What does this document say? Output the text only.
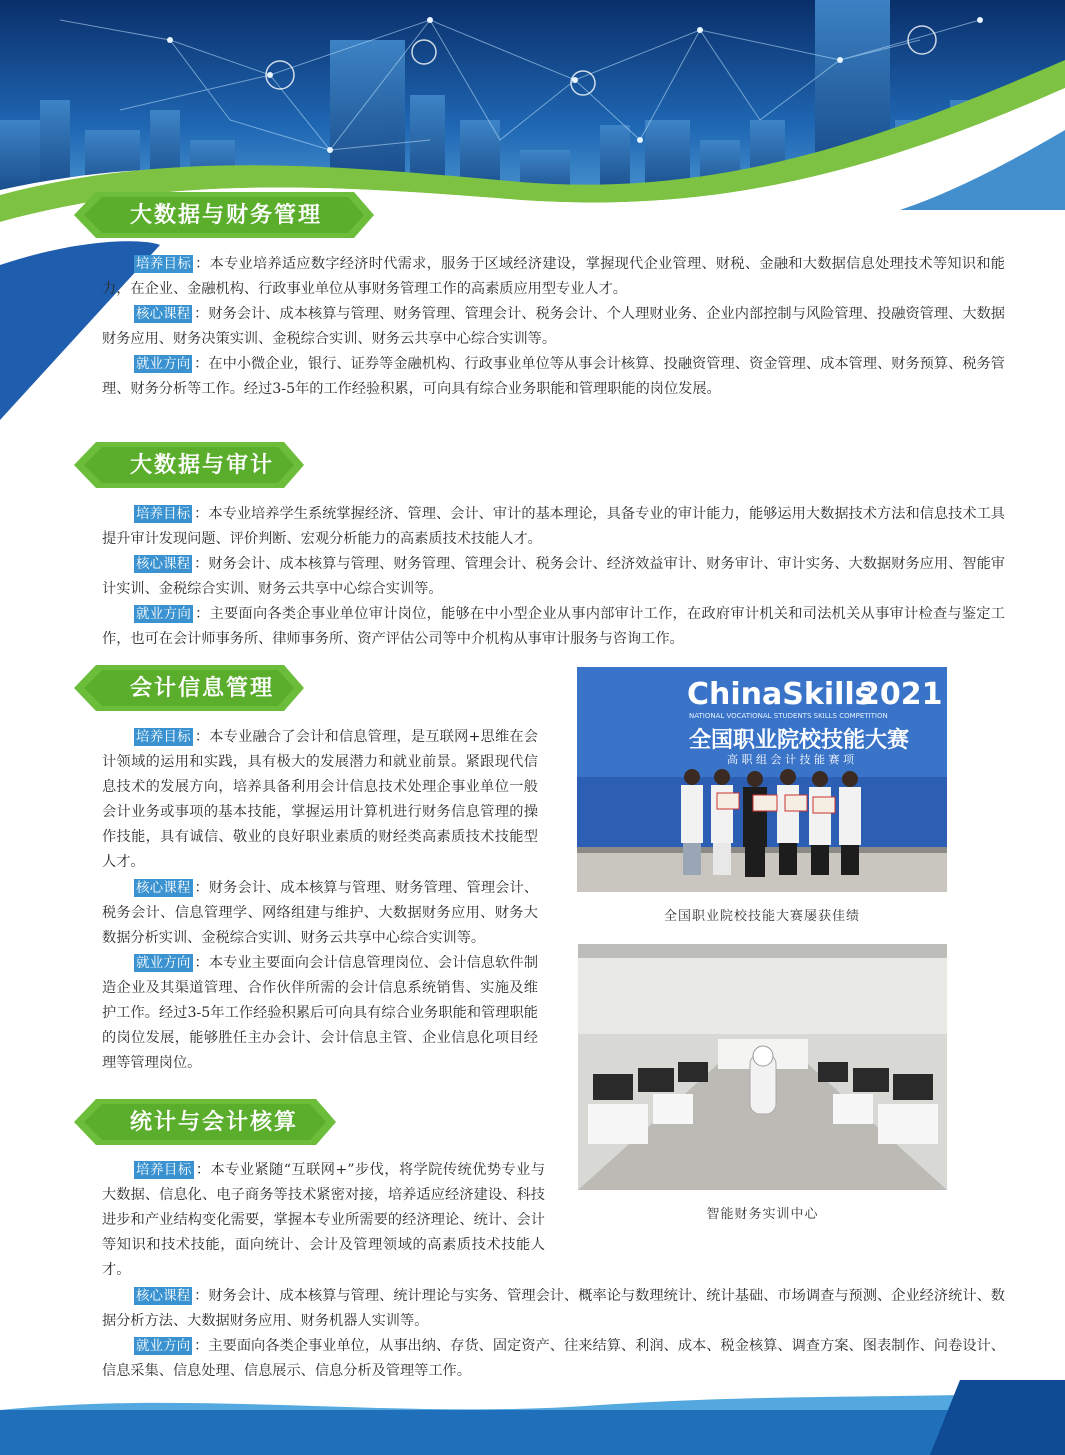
大数据与财务管理
培养目标 ：本专业培养适应数字经济时代需求，服务于区域经济建设，掌握现代企业管理、财税、金融和大数据信息处理技术等知识和能力，在企业、金融机构、行政事业单位从事财务管理工作的高素质应用型专业人才。
核心课程 ：财务会计、成本核算与管理、财务管理、管理会计、税务会计、个人理财业务、企业内部控制与风险管理、投融资管理、大数据财务应用、财务决策实训、金税综合实训、财务云共享中心综合实训等。
就业方向 ：在中小微企业，银行、证券等金融机构、行政事业单位等从事会计核算、投融资管理、资金管理、成本管理、财务预算、税务管理、财务分析等工作。经过3-5年的工作经验积累，可向具有综合业务职能和管理职能的岗位发展。
大数据与审计
培养目标 ：本专业培养学生系统掌握经济、管理、会计、审计的基本理论，具备专业的审计能力，能够运用大数据技术方法和信息技术工具提升审计发现问题、评价判断、宏观分析能力的高素质技术技能人才。
核心课程 ：财务会计、成本核算与管理、财务管理、管理会计、税务会计、经济效益审计、财务审计、审计实务、大数据财务应用、智能审计实训、金税综合实训、财务云共享中心综合实训等。
就业方向 ：主要面向各类企事业单位审计岗位，能够在中小型企业从事内部审计工作，在政府审计机关和司法机关从事审计检查与鉴定工作，也可在会计师事务所、律师事务所、资产评估公司等中介机构从事审计服务与咨询工作。
会计信息管理
培养目标 ：本专业融合了会计和信息管理，是互联网+思维在会计领域的运用和实践，具有极大的发展潜力和就业前景。紧跟现代信息技术的发展方向，培养具备利用会计信息技术处理企事业单位一般会计业务或事项的基本技能，掌握运用计算机进行财务信息管理的操作技能，具有诚信、敬业的良好职业素质的财经类高素质技术技能型人才。
核心课程 ：财务会计、成本核算与管理、财务管理、管理会计、税务会计、信息管理学、网络组建与维护、大数据财务应用、财务大数据分析实训、金税综合实训、财务云共享中心综合实训等。
就业方向 ：本专业主要面向会计信息管理岗位、会计信息软件制造企业及其渠道管理、合作伙伴所需的会计信息系统销售、实施及维护工作。经过3-5年工作经验积累后可向具有综合业务职能和管理职能的岗位发展，能够胜任主办会计、会计信息主管、企业信息化项目经理等管理岗位。
统计与会计核算
培养目标 ：本专业紧随“互联网+”步伐，将学院传统优势专业与大数据、信息化、电子商务等技术紧密对接，培养适应经济建设、科技进步和产业结构变化需要，掌握本专业所需要的经济理论、统计、会计等知识和技术技能，面向统计、会计及管理领域的高素质技术技能人才。
核心课程 ：财务会计、成本核算与管理、统计理论与实务、管理会计、概率论与数理统计、统计基础、市场调查与预测、企业经济统计、数据分析方法、大数据财务应用、财务机器人实训等。
就业方向 ：主要面向各类企事业单位，从事出纳、存货、固定资产、往来结算、利润、成本、税金核算、调查方案、图表制作、问卷设计、信息采集、信息处理、信息展示、信息分析及管理等工作。
ChinaSkills
2021
NATIONAL VOCATIONAL STUDENTS SKILLS COMPETITION
全国职业院校技能大赛
高 职 组 会 计 技 能 赛 项
全国职业院校技能大赛屡获佳绩
智能财务实训中心
